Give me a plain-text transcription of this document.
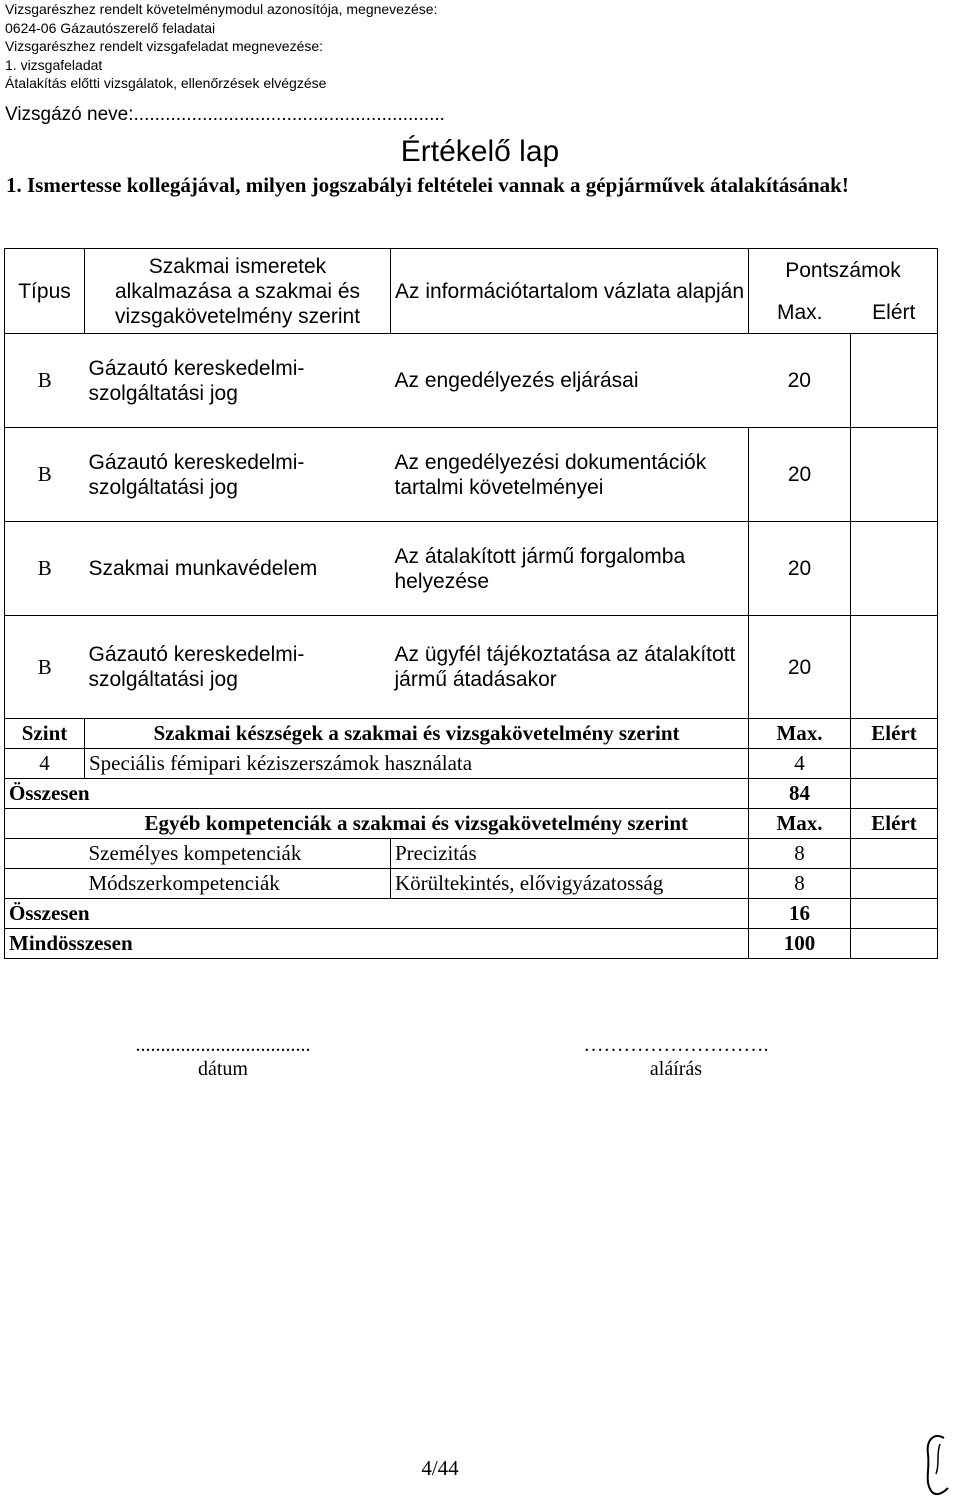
Vizsgarészhez rendelt követelménymodul azonosítója, megnevezése:
0624-06 Gázautószerelő feladatai
Vizsgarészhez rendelt vizsgafeladat megnevezése:
1. vizsgafeladat
Átalakítás előtti vizsgálatok, ellenőrzések elvégzése
Vizsgázó neve:...........................................................
Értékelő lap
1. Ismertesse kollegájával, milyen jogszabályi feltételei vannak a gépjárművek átalakításának!
Típus	Szakmai ismeretek alkalmazása a szakmai és vizsgakövetelmény szerint	Az információtartalom vázlata alapján	Pontszámok	
			Max.	Elért
B	Gázautó kereskedelmi-szolgáltatási jog	Az engedélyezés eljárásai	20	
B	Gázautó kereskedelmi-szolgáltatási jog	Az engedélyezési dokumentációk tartalmi követelményei	20	
B	Szakmai munkavédelem	Az átalakított jármű forgalomba helyezése	20	
B	Gázautó kereskedelmi-szolgáltatási jog	Az ügyfél tájékoztatása az átalakított jármű átadásakor	20	
Szint	Szakmai készségek a szakmai és vizsgakövetelmény szerint		Max.	Elért
4	Speciális fémipari kéziszerszámok használata		4	
Összesen			84	
	Egyéb kompetenciák a szakmai és vizsgakövetelmény szerint		Max.	Elért
	Személyes kompetenciák	Precizitás	8	
	Módszerkompetenciák	Körültekintés, elővigyázatosság	8	
Összesen			16	
Mindösszesen			100	
...................................
dátum
……………………….
aláírás
4/44
